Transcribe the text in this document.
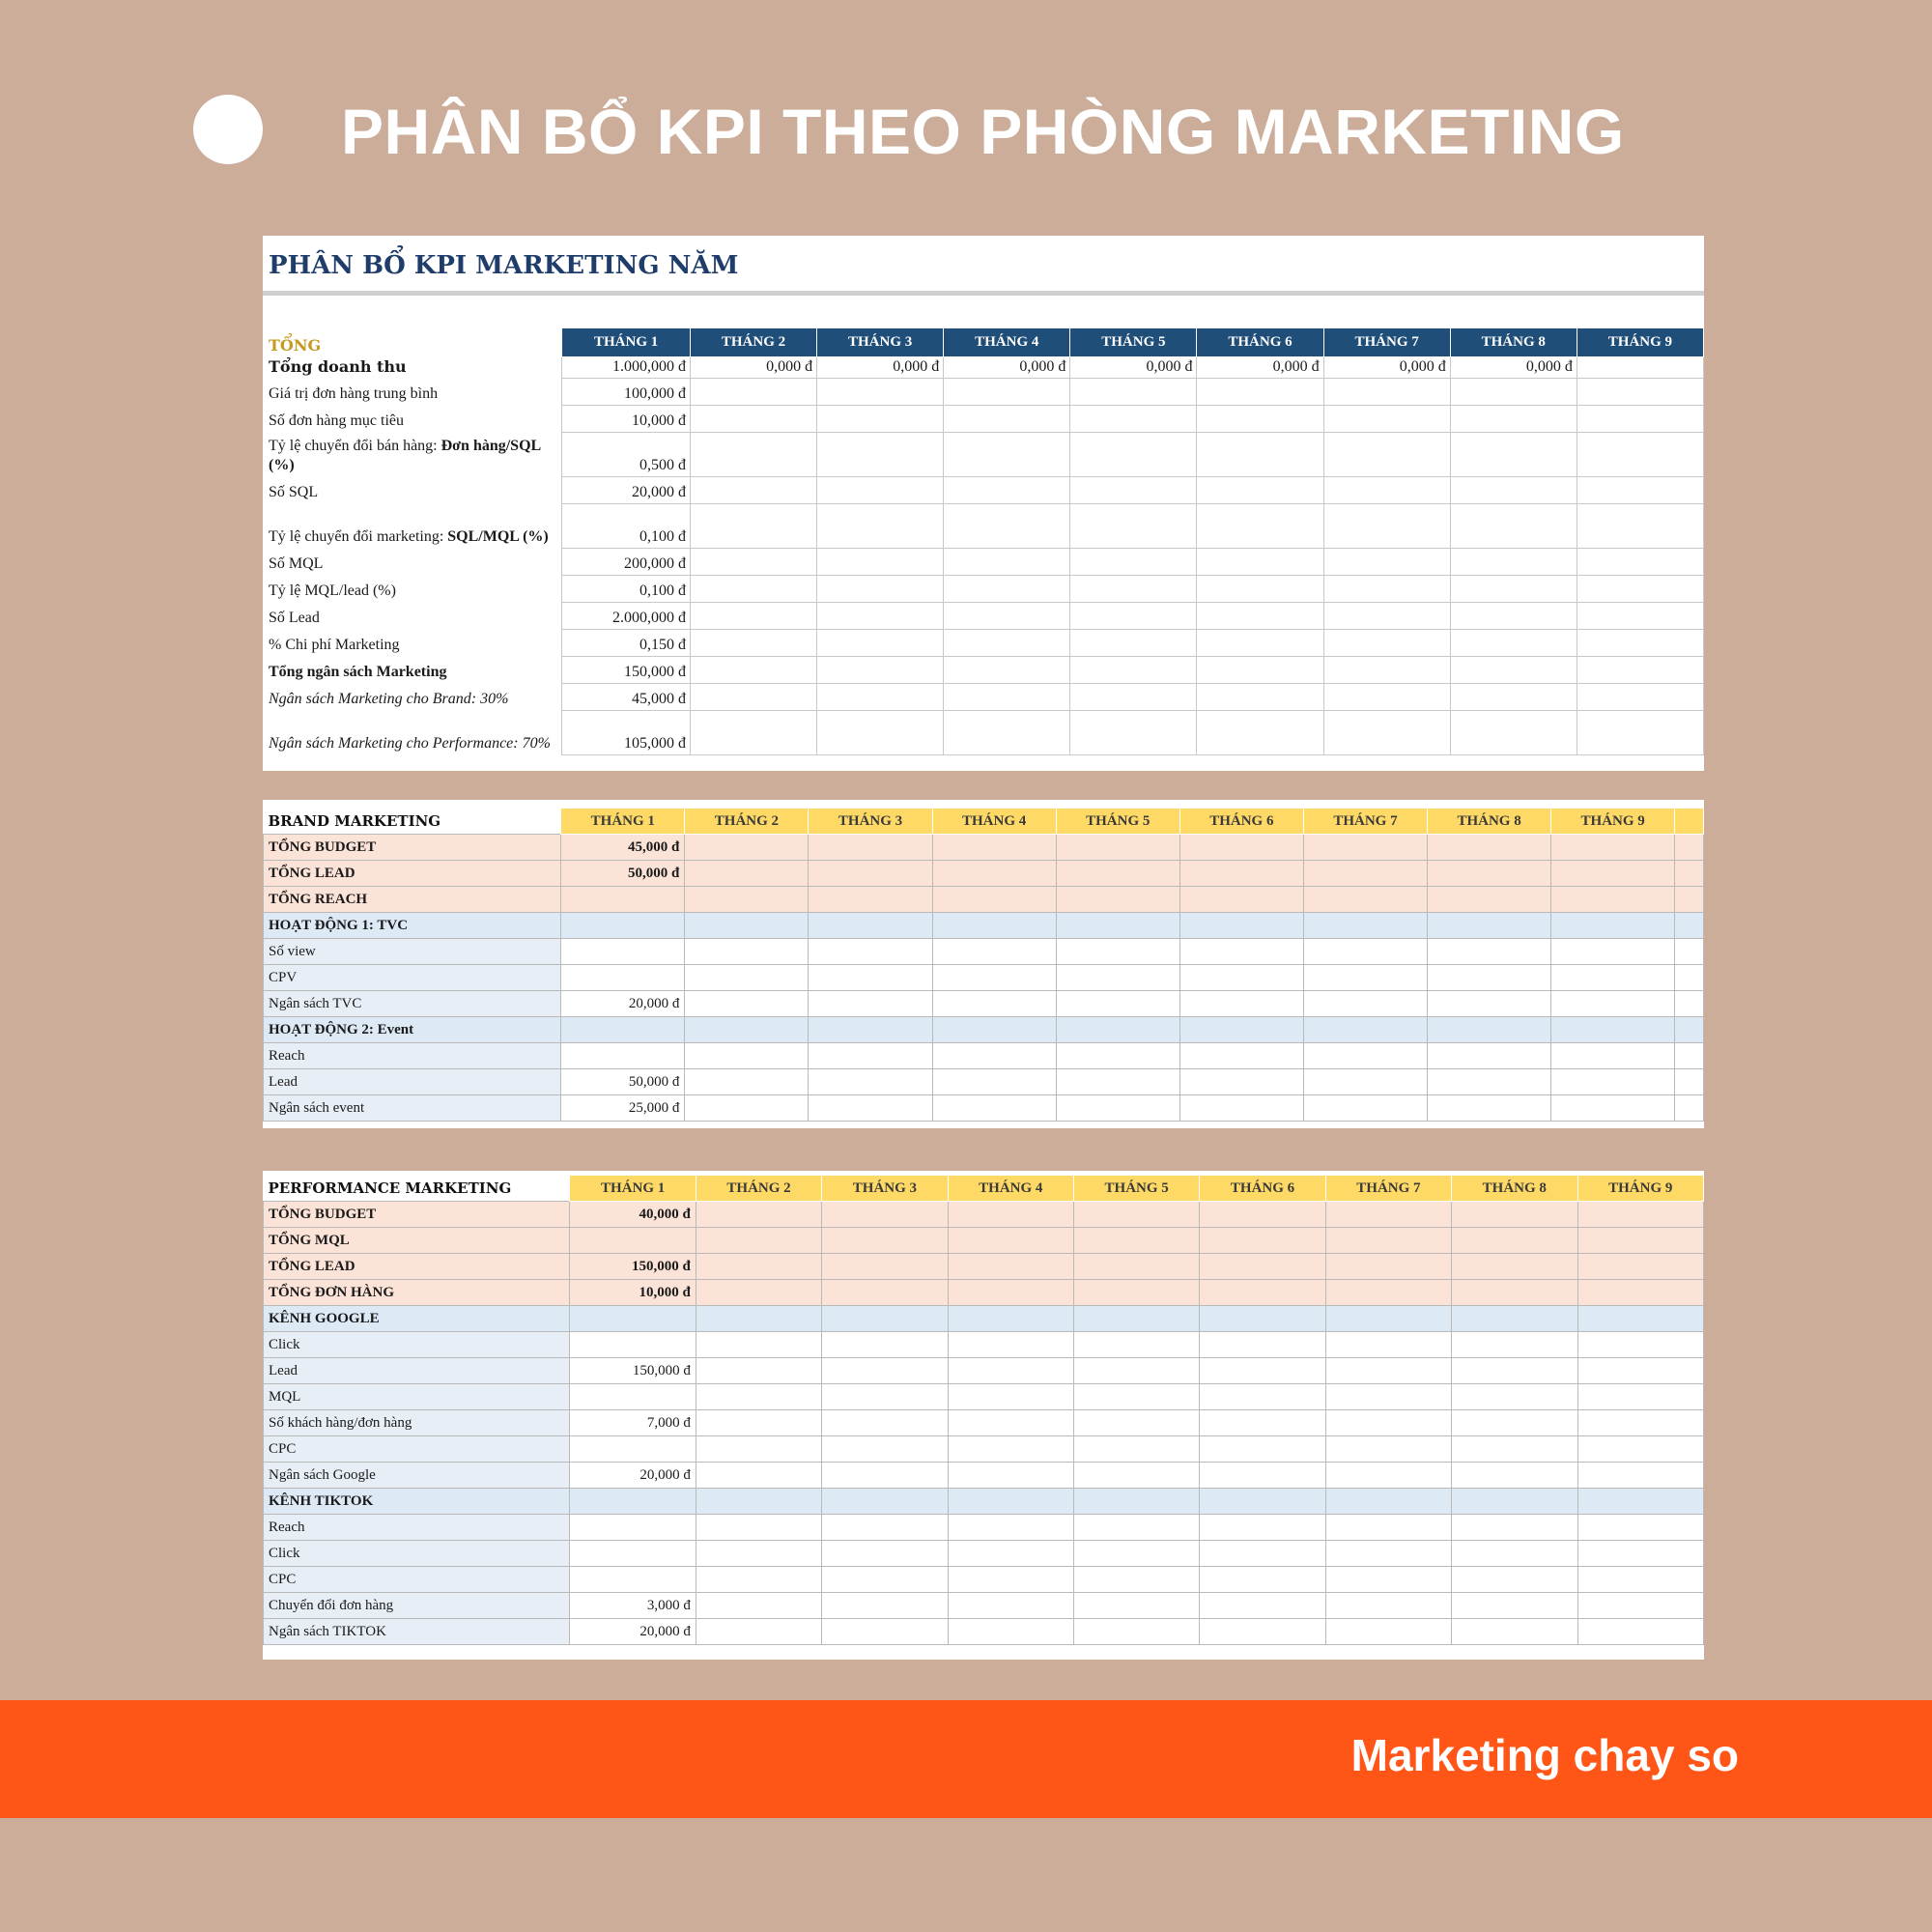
PHÂN BỔ KPI THEO PHÒNG MARKETING
PHÂN BỔ KPI MARKETING NĂM
TỔNG	THÁNG 1	THÁNG 2	THÁNG 3	THÁNG 4	THÁNG 5	THÁNG 6	THÁNG 7	THÁNG 8	THÁNG 9
Tổng doanh thu	1.000,000 đ	0,000 đ	0,000 đ	0,000 đ	0,000 đ	0,000 đ	0,000 đ	0,000 đ	
Giá trị đơn hàng trung bình	100,000 đ								
Số đơn hàng mục tiêu	10,000 đ								
Tỷ lệ chuyển đổi bán hàng: Đơn hàng/SQL (%)	0,500 đ								
Số SQL	20,000 đ								
Tỷ lệ chuyển đổi marketing: SQL/MQL (%)	0,100 đ								
Số MQL	200,000 đ								
Tỷ lệ MQL/lead (%)	0,100 đ								
Số Lead	2.000,000 đ								
% Chi phí Marketing	0,150 đ								
Tổng ngân sách Marketing	150,000 đ								
Ngân sách Marketing cho Brand: 30%	45,000 đ								
Ngân sách Marketing cho Performance: 70%	105,000 đ								
BRAND MARKETING	THÁNG 1	THÁNG 2	THÁNG 3	THÁNG 4	THÁNG 5	THÁNG 6	THÁNG 7	THÁNG 8	THÁNG 9	
TỔNG BUDGET	45,000 đ									
TỔNG LEAD	50,000 đ									
TỔNG REACH										
HOẠT ĐỘNG 1: TVC										
Số view										
CPV										
Ngân sách TVC	20,000 đ									
HOẠT ĐỘNG 2: Event										
Reach										
Lead	50,000 đ									
Ngân sách event	25,000 đ									
PERFORMANCE MARKETING	THÁNG 1	THÁNG 2	THÁNG 3	THÁNG 4	THÁNG 5	THÁNG 6	THÁNG 7	THÁNG 8	THÁNG 9
TỔNG BUDGET	40,000 đ								
TỔNG MQL									
TỔNG LEAD	150,000 đ								
TỔNG ĐƠN HÀNG	10,000 đ								
KÊNH GOOGLE									
Click									
Lead	150,000 đ								
MQL									
Số khách hàng/đơn hàng	7,000 đ								
CPC									
Ngân sách Google	20,000 đ								
KÊNH TIKTOK									
Reach									
Click									
CPC									
Chuyển đổi đơn hàng	3,000 đ								
Ngân sách TIKTOK	20,000 đ								
Marketing chay so
